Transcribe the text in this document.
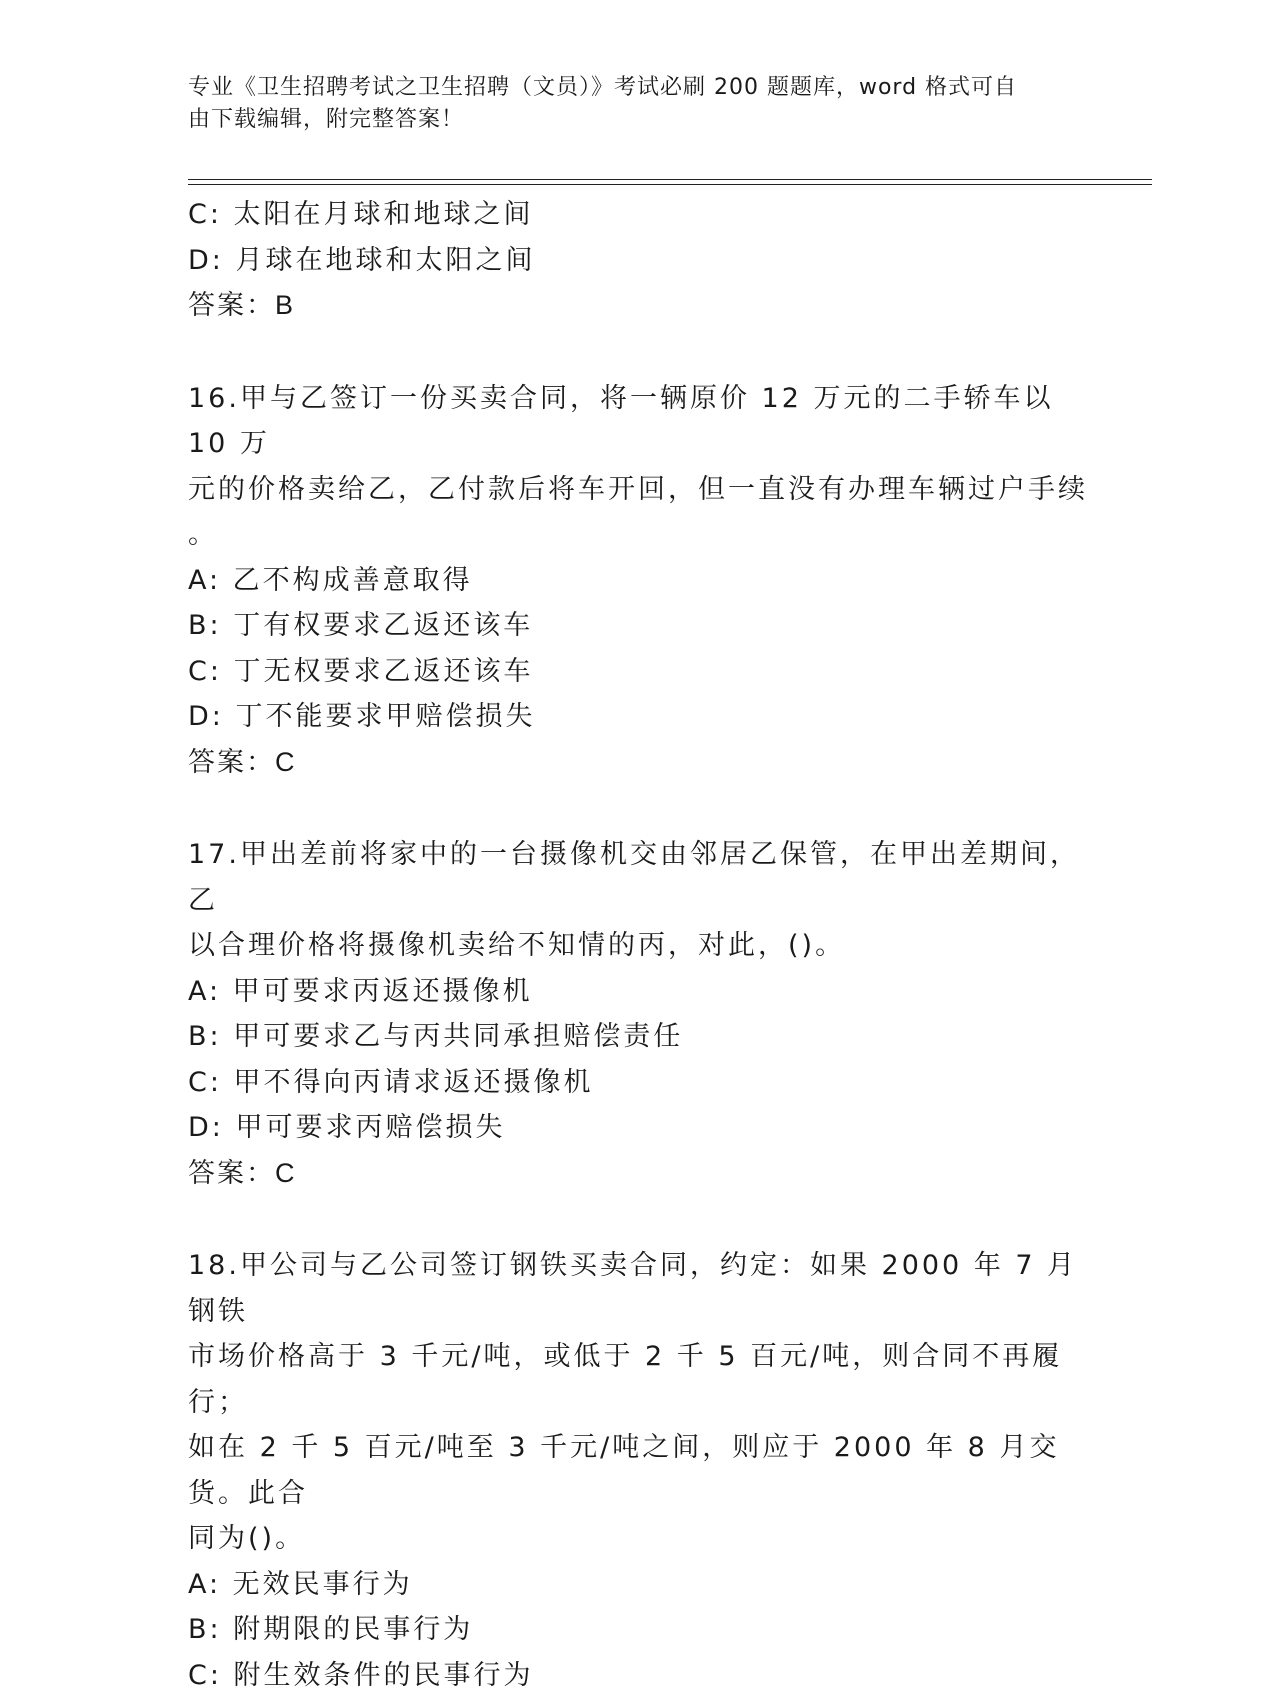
专业《卫生招聘考试之卫生招聘（文员）》考试必刷 200 题题库，word 格式可自
由下载编辑，附完整答案！

C: 太阳在月球和地球之间

D: 月球在地球和太阳之间

答案：B

16.甲与乙签订一份买卖合同，将一辆原价 12 万元的二手轿车以 10 万

元的价格卖给乙，乙付款后将车开回，但一直没有办理车辆过户手续

。

A: 乙不构成善意取得

B: 丁有权要求乙返还该车

C: 丁无权要求乙返还该车

D: 丁不能要求甲赔偿损失

答案：C

17.甲出差前将家中的一台摄像机交由邻居乙保管，在甲出差期间，乙

以合理价格将摄像机卖给不知情的丙，对此，()。

A: 甲可要求丙返还摄像机

B: 甲可要求乙与丙共同承担赔偿责任

C: 甲不得向丙请求返还摄像机

D: 甲可要求丙赔偿损失

答案：C

18.甲公司与乙公司签订钢铁买卖合同，约定：如果 2000 年 7 月钢铁

市场价格高于 3 千元/吨，或低于 2 千 5 百元/吨，则合同不再履行；

如在 2 千 5 百元/吨至 3 千元/吨之间，则应于 2000 年 8 月交货。此合

同为()。

A: 无效民事行为

B: 附期限的民事行为

C: 附生效条件的民事行为
